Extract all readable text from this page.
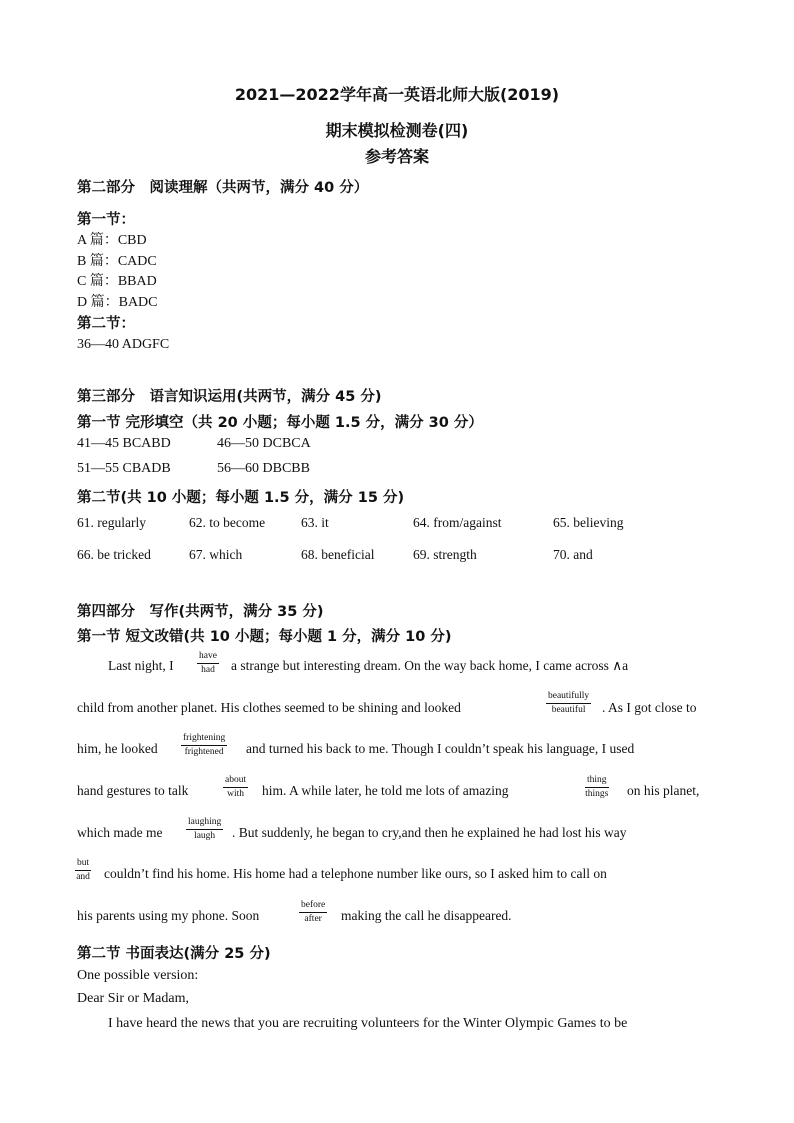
2021—2022学年高一英语北师大版(2019)
期末模拟检测卷(四)
参考答案
第二部分　阅读理解（共两节，满分 40 分）
第一节：
A 篇：CBD
B 篇：CADC
C 篇：BBAD
D 篇：BADC
第二节：
36—40 ADGFC
第三部分　语言知识运用(共两节，满分 45 分)
第一节 完形填空（共 20 小题；每小题 1.5 分，满分 30 分）
41—45 BCABD	46—50 DCBCA
51—55 CBADB	56—60 DBCBB
第二节(共 10 小题；每小题 1.5 分，满分 15 分)
61. regularly	62. to become	63. it	64. from/against	65. believing
66. be tricked	67. which	68. beneficial	69. strength	70. and
第四部分　写作(共两节，满分 35 分)
第一节 短文改错(共 10 小题；每小题 1 分，满分 10 分)
Last night, I
have
had	a strange but interesting dream. On the way back home, I came across ∧a
child from another planet. His clothes seemed to be shining and looked
beautifully
beautiful	. As I got close to
him, he looked
frightening
frightened and turned his back to me. Though I couldn’t speak his language, I used
hand gestures to talk
about
with	him. A while later, he told me lots of amazing
thing
things on his planet,
which made me
laughing
laugh	. But suddenly, he began to cry,and then he explained he had lost his way
but
and couldn’t find his home. His home had a telephone number like ours, so I asked him to call on
his parents using my phone. Soon
before
after	making the call he disappeared.
第二节 书面表达(满分 25 分)
One possible version:
Dear Sir or Madam,
I have heard the news that you are recruiting volunteers for the Winter Olympic Games to be
